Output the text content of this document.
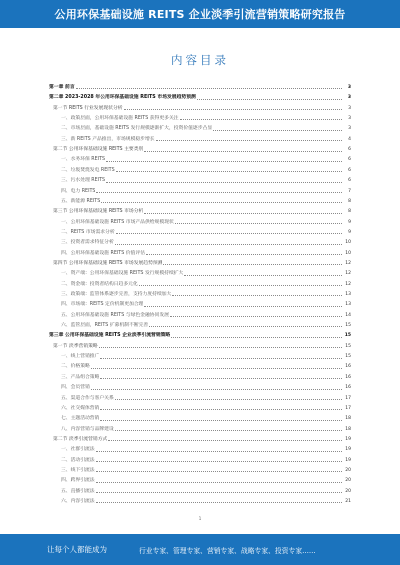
公用环保基础设施 REITS 企业淡季引流营销策略研究报告
内容目录
第一章 前言	3
第二章 2023-2028 年公用环保基础设施 REITS 市场发展趋势预测	3
第一节 REITS 行业发展现状分析	3
一、政策层面，公用环保基础设施 REITS 获得更多关注	3
二、市场层面，基础设施 REITS 发行规模逐渐扩大，投资价值逐步凸显	3
三、新 REITS 产品推出，市场规模稳步增长	4
第二节 公用环保基础设施 REITS 主要类别	6
一、水务环保 REITS	6
二、垃圾焚烧发电 REITS	6
三、污水处理 REITS	6
四、电力 REITS	7
五、新能源 REITS	8
第三节 公用环保基础设施 REITS 市场分析	8
一、公用环保基础设施 REITS 市场产品供给规模现状	9
二、REITS 市场需求分析	9
三、投资者需求特征分析	10
四、公用环保基础设施 REITS 价值评估	10
第四节 公用环保基础设施 REITS 市场发展趋势预测	12
一、资产端：公用环保基础设施 REITS 发行规模持续扩大	12
二、资金端：投资者结构日趋多元化	12
三、政策端：监管体系逐步完善，支持力度持续加大	13
四、市场端：REITS 定价机制更加合理	13
五、公用环保基础设施 REITS 与绿色金融协同发展	14
六、监管层面，REITS 扩募机制不断完善	15
第三章 公用环保基础设施 REITS 企业淡季引流营销策略	15
第一节 淡季营销策略	15
一、线上营销推广	15
二、价格策略	16
三、产品组合策略	16
四、会员营销	16
五、渠道合作与客户关系	17
六、社交媒体营销	17
七、主题活动营销	18
八、内容营销与品牌建设	18
第二节 淡季引流营销方式	19
一、社群引流法	19
二、活动引流法	19
三、线下引流法	20
四、跨界引流法	20
五、直播引流法	20
六、内容引流法	21
1
让每个人都能成为	行业专家、管理专家、营销专家、战略专家、投资专家……
